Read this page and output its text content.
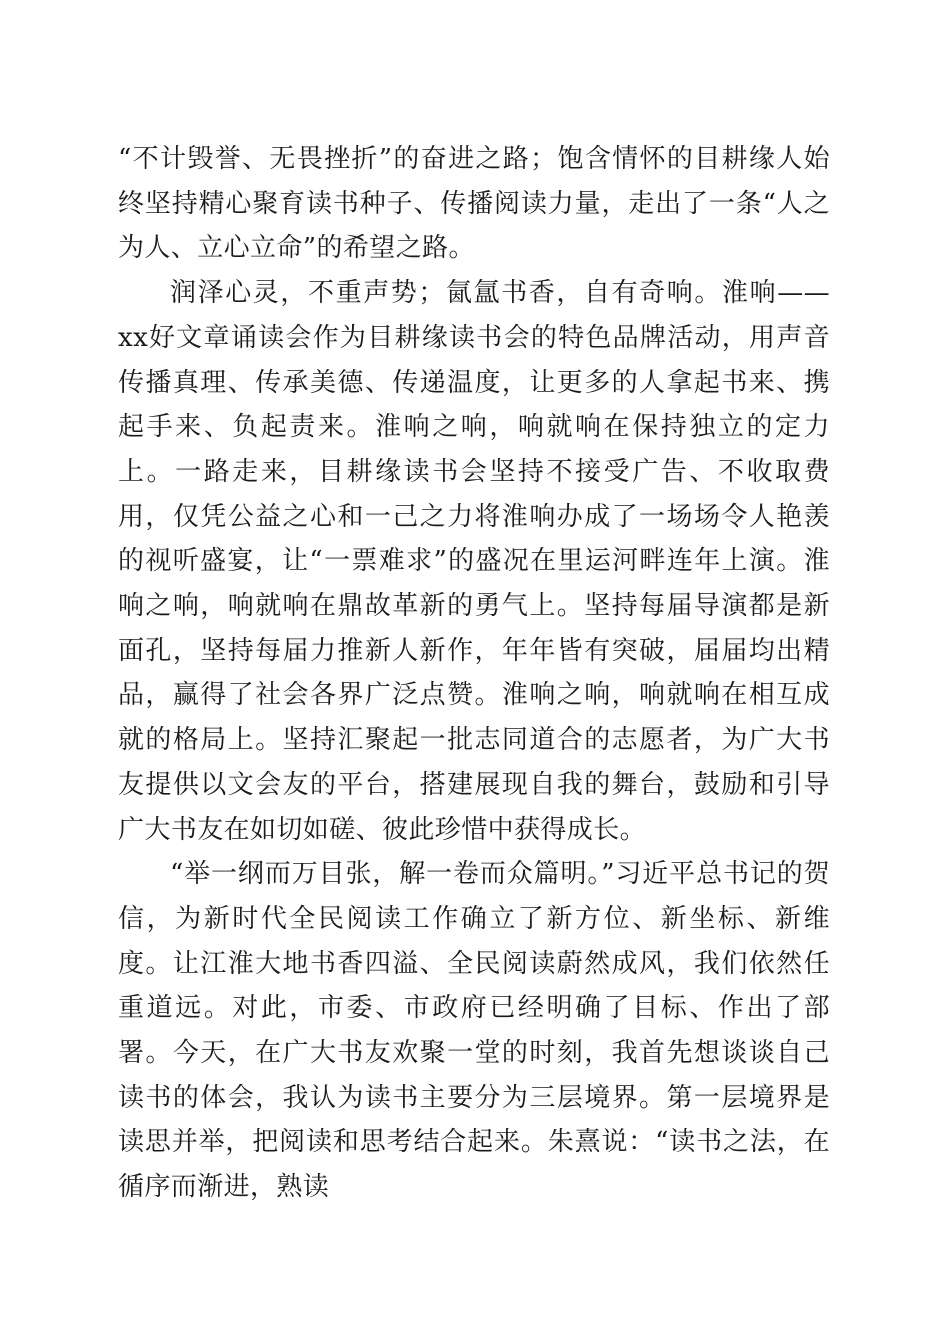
“不计毁誉、无畏挫折”的奋进之路；饱含情怀的目耕缘人始终坚持精心聚育读书种子、传播阅读力量，走出了一条“人之为人、立心立命”的希望之路。

润泽心灵，不重声势；氤氲书香，自有奇响。淮响——xx好文章诵读会作为目耕缘读书会的特色品牌活动，用声音传播真理、传承美德、传递温度，让更多的人拿起书来、携起手来、负起责来。淮响之响，响就响在保持独立的定力上。一路走来，目耕缘读书会坚持不接受广告、不收取费用，仅凭公益之心和一己之力将淮响办成了一场场令人艳羡的视听盛宴，让“一票难求”的盛况在里运河畔连年上演。淮响之响，响就响在鼎故革新的勇气上。坚持每届导演都是新面孔，坚持每届力推新人新作，年年皆有突破，届届均出精品，赢得了社会各界广泛点赞。淮响之响，响就响在相互成就的格局上。坚持汇聚起一批志同道合的志愿者，为广大书友提供以文会友的平台，搭建展现自我的舞台，鼓励和引导广大书友在如切如磋、彼此珍惜中获得成长。

“举一纲而万目张，解一卷而众篇明。”习近平总书记的贺信，为新时代全民阅读工作确立了新方位、新坐标、新维度。让江淮大地书香四溢、全民阅读蔚然成风，我们依然任重道远。对此，市委、市政府已经明确了目标、作出了部署。今天，在广大书友欢聚一堂的时刻，我首先想谈谈自己读书的体会，我认为读书主要分为三层境界。第一层境界是读思并举，把阅读和思考结合起来。朱熹说：“读书之法，在循序而渐进，熟读
